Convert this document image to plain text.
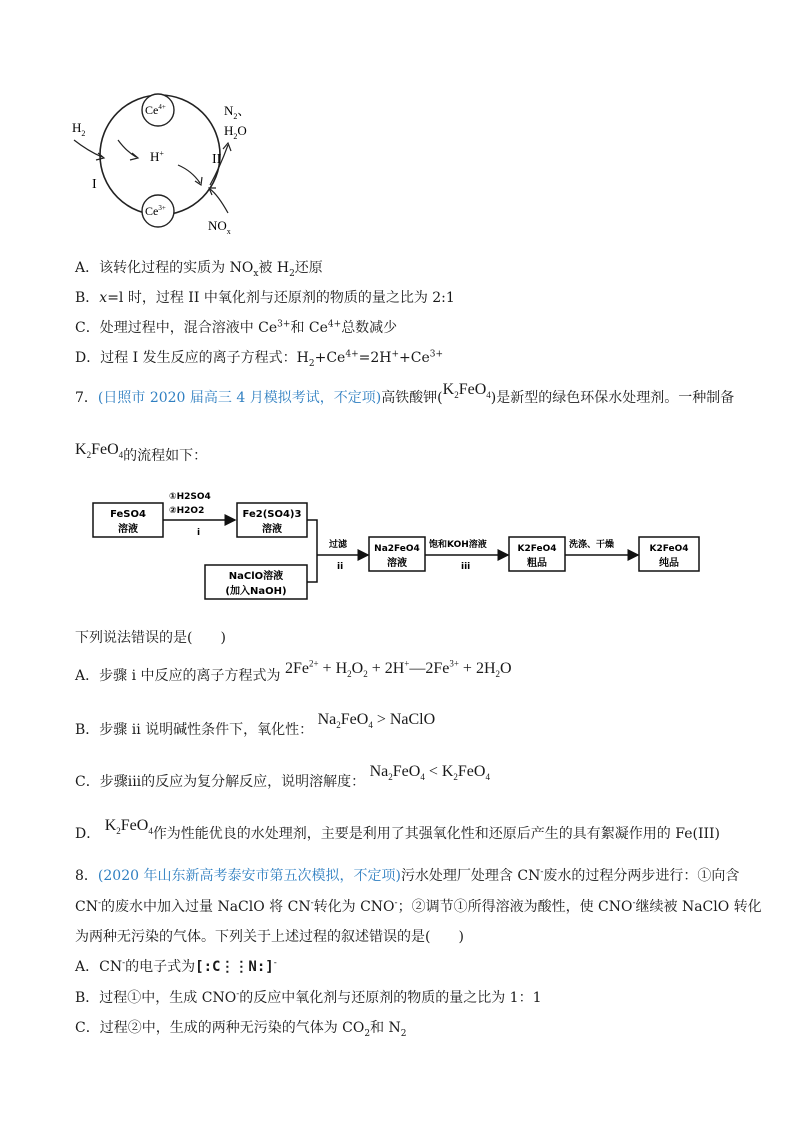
$Ce^{4+}$
$Ce^{3+}$
$H_2$
H+
I
II
$N_2$、
$H_2O$
$NO_x$
A．该转化过程的实质为 $NO_x$被 $H_2$还原
B．x=l 时，过程 II 中氧化剂与还原剂的物质的量之比为 2:1
C．处理过程中，混合溶液中 $Ce^{3+}$和 $Ce^{4+}$总数减少
D．过程 I 发生反应的离子方程式：$H_2+Ce^{4+}=2H^++Ce^{3+}$
7．(日照市 2020 届高三 4 月模拟考试，不定项)高铁酸钾$(K_2FeO_4)$是新型的绿色环保水处理剂。一种制备
$K_2FeO_4$的流程如下：
FeSO4
溶液
①H2SO4
②H2O2
i
Fe2(SO4)3
溶液
NaClO溶液
(加入NaOH)
过滤
ii
Na2FeO4
溶液
饱和KOH溶液
iii
K2FeO4
粗品
洗涤、干燥	K2FeO4
纯品
下列说法错误的是(　　)
A．步骤 i 中反应的离子方程式为 $2Fe^{2+} + H_2O_2$ + $2H^+—2Fe^{3+} + 2H_2O$
B．步骤 ii 说明碱性条件下，氧化性： $Na_2FeO_4$ > NaClO
C．步骤iii的反应为复分解反应，说明溶解度： $Na_2FeO_4 < K_2FeO_4$
D． $K_2FeO_4$作为性能优良的水处理剂，主要是利用了其强氧化性和还原后产生的具有絮凝作用的 Fe(III)
8．(2020 年山东新高考泰安市第五次模拟，不定项)污水处理厂处理含 CN-废水的过程分两步进行：①向含
CN-的废水中加入过量 NaClO 将 CN-转化为 CNO-；②调节①所得溶液为酸性，使 CNO-继续被 NaClO 转化
为两种无污染的气体。下列关于上述过程的叙述错误的是(　　)
A．CN-的电子式为[:C⋮⋮N:]-
B．过程①中，生成 CNO-的反应中氧化剂与还原剂的物质的量之比为 1：1
C．过程②中，生成的两种无污染的气体为 $CO_2$和 $N_2$
